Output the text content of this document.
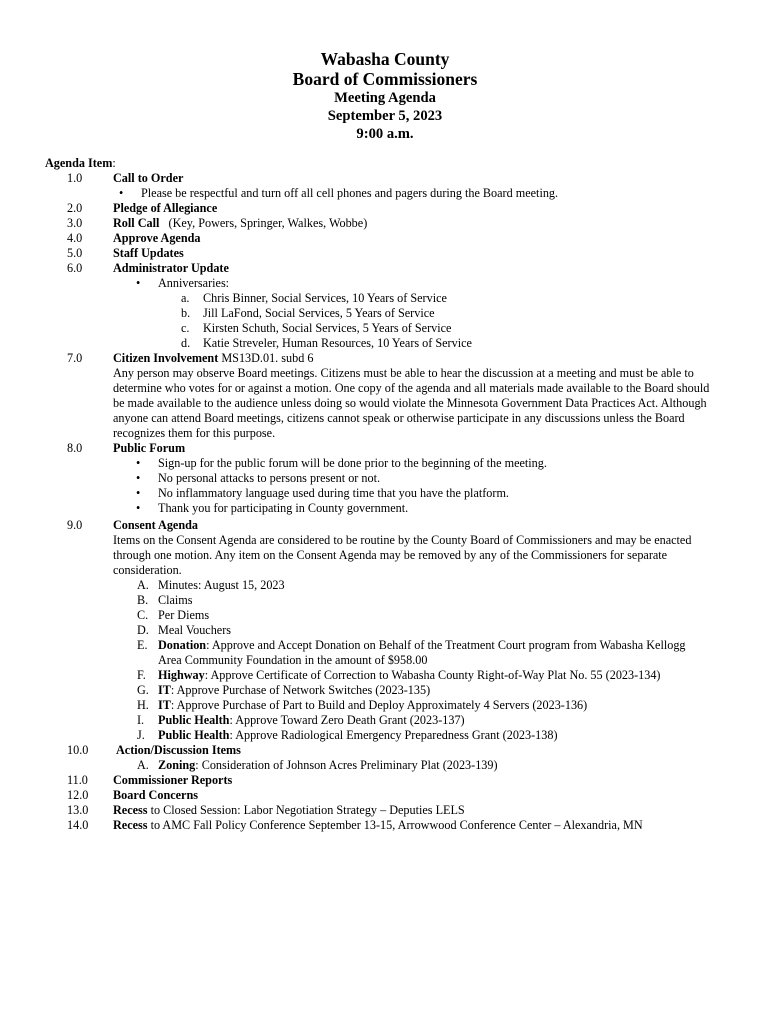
Wabasha County
Board of Commissioners
Meeting Agenda
September 5, 2023
9:00 a.m.
Agenda Item:
1.0	Call to Order
• Please be respectful and turn off all cell phones and pagers during the Board meeting.
2.0	Pledge of Allegiance
3.0	Roll Call (Key, Powers, Springer, Walkes, Wobbe)
4.0	Approve Agenda
5.0	Staff Updates
6.0	Administrator Update
• Anniversaries:
a. Chris Binner, Social Services, 10 Years of Service
b. Jill LaFond, Social Services, 5 Years of Service
c. Kirsten Schuth, Social Services, 5 Years of Service
d. Katie Streveler, Human Resources, 10 Years of Service
7.0	Citizen Involvement MS13D.01. subd 6
Any person may observe Board meetings. Citizens must be able to hear the discussion at a meeting and must be able to determine who votes for or against a motion. One copy of the agenda and all materials made available to the Board should be made available to the audience unless doing so would violate the Minnesota Government Data Practices Act. Although anyone can attend Board meetings, citizens cannot speak or otherwise participate in any discussions unless the Board recognizes them for this purpose.
8.0	Public Forum
• Sign-up for the public forum will be done prior to the beginning of the meeting.
• No personal attacks to persons present or not.
• No inflammatory language used during time that you have the platform.
• Thank you for participating in County government.
9.0	Consent Agenda
Items on the Consent Agenda are considered to be routine by the County Board of Commissioners and may be enacted through one motion. Any item on the Consent Agenda may be removed by any of the Commissioners for separate consideration.
A. Minutes: August 15, 2023
B. Claims
C. Per Diems
D. Meal Vouchers
E. Donation: Approve and Accept Donation on Behalf of the Treatment Court program from Wabasha Kellogg
Area Community Foundation in the amount of $958.00
F. Highway: Approve Certificate of Correction to Wabasha County Right-of-Way Plat No. 55 (2023-134)
G. IT: Approve Purchase of Network Switches (2023-135)
H. IT: Approve Purchase of Part to Build and Deploy Approximately 4 Servers (2023-136)
I. Public Health: Approve Toward Zero Death Grant (2023-137)
J. Public Health: Approve Radiological Emergency Preparedness Grant (2023-138)
10.0 Action/Discussion Items
A. Zoning: Consideration of Johnson Acres Preliminary Plat (2023-139)
11.0 Commissioner Reports
12.0 Board Concerns
13.0 Recess to Closed Session: Labor Negotiation Strategy – Deputies LELS
14.0 Recess to AMC Fall Policy Conference September 13-15, Arrowwood Conference Center – Alexandria, MN
